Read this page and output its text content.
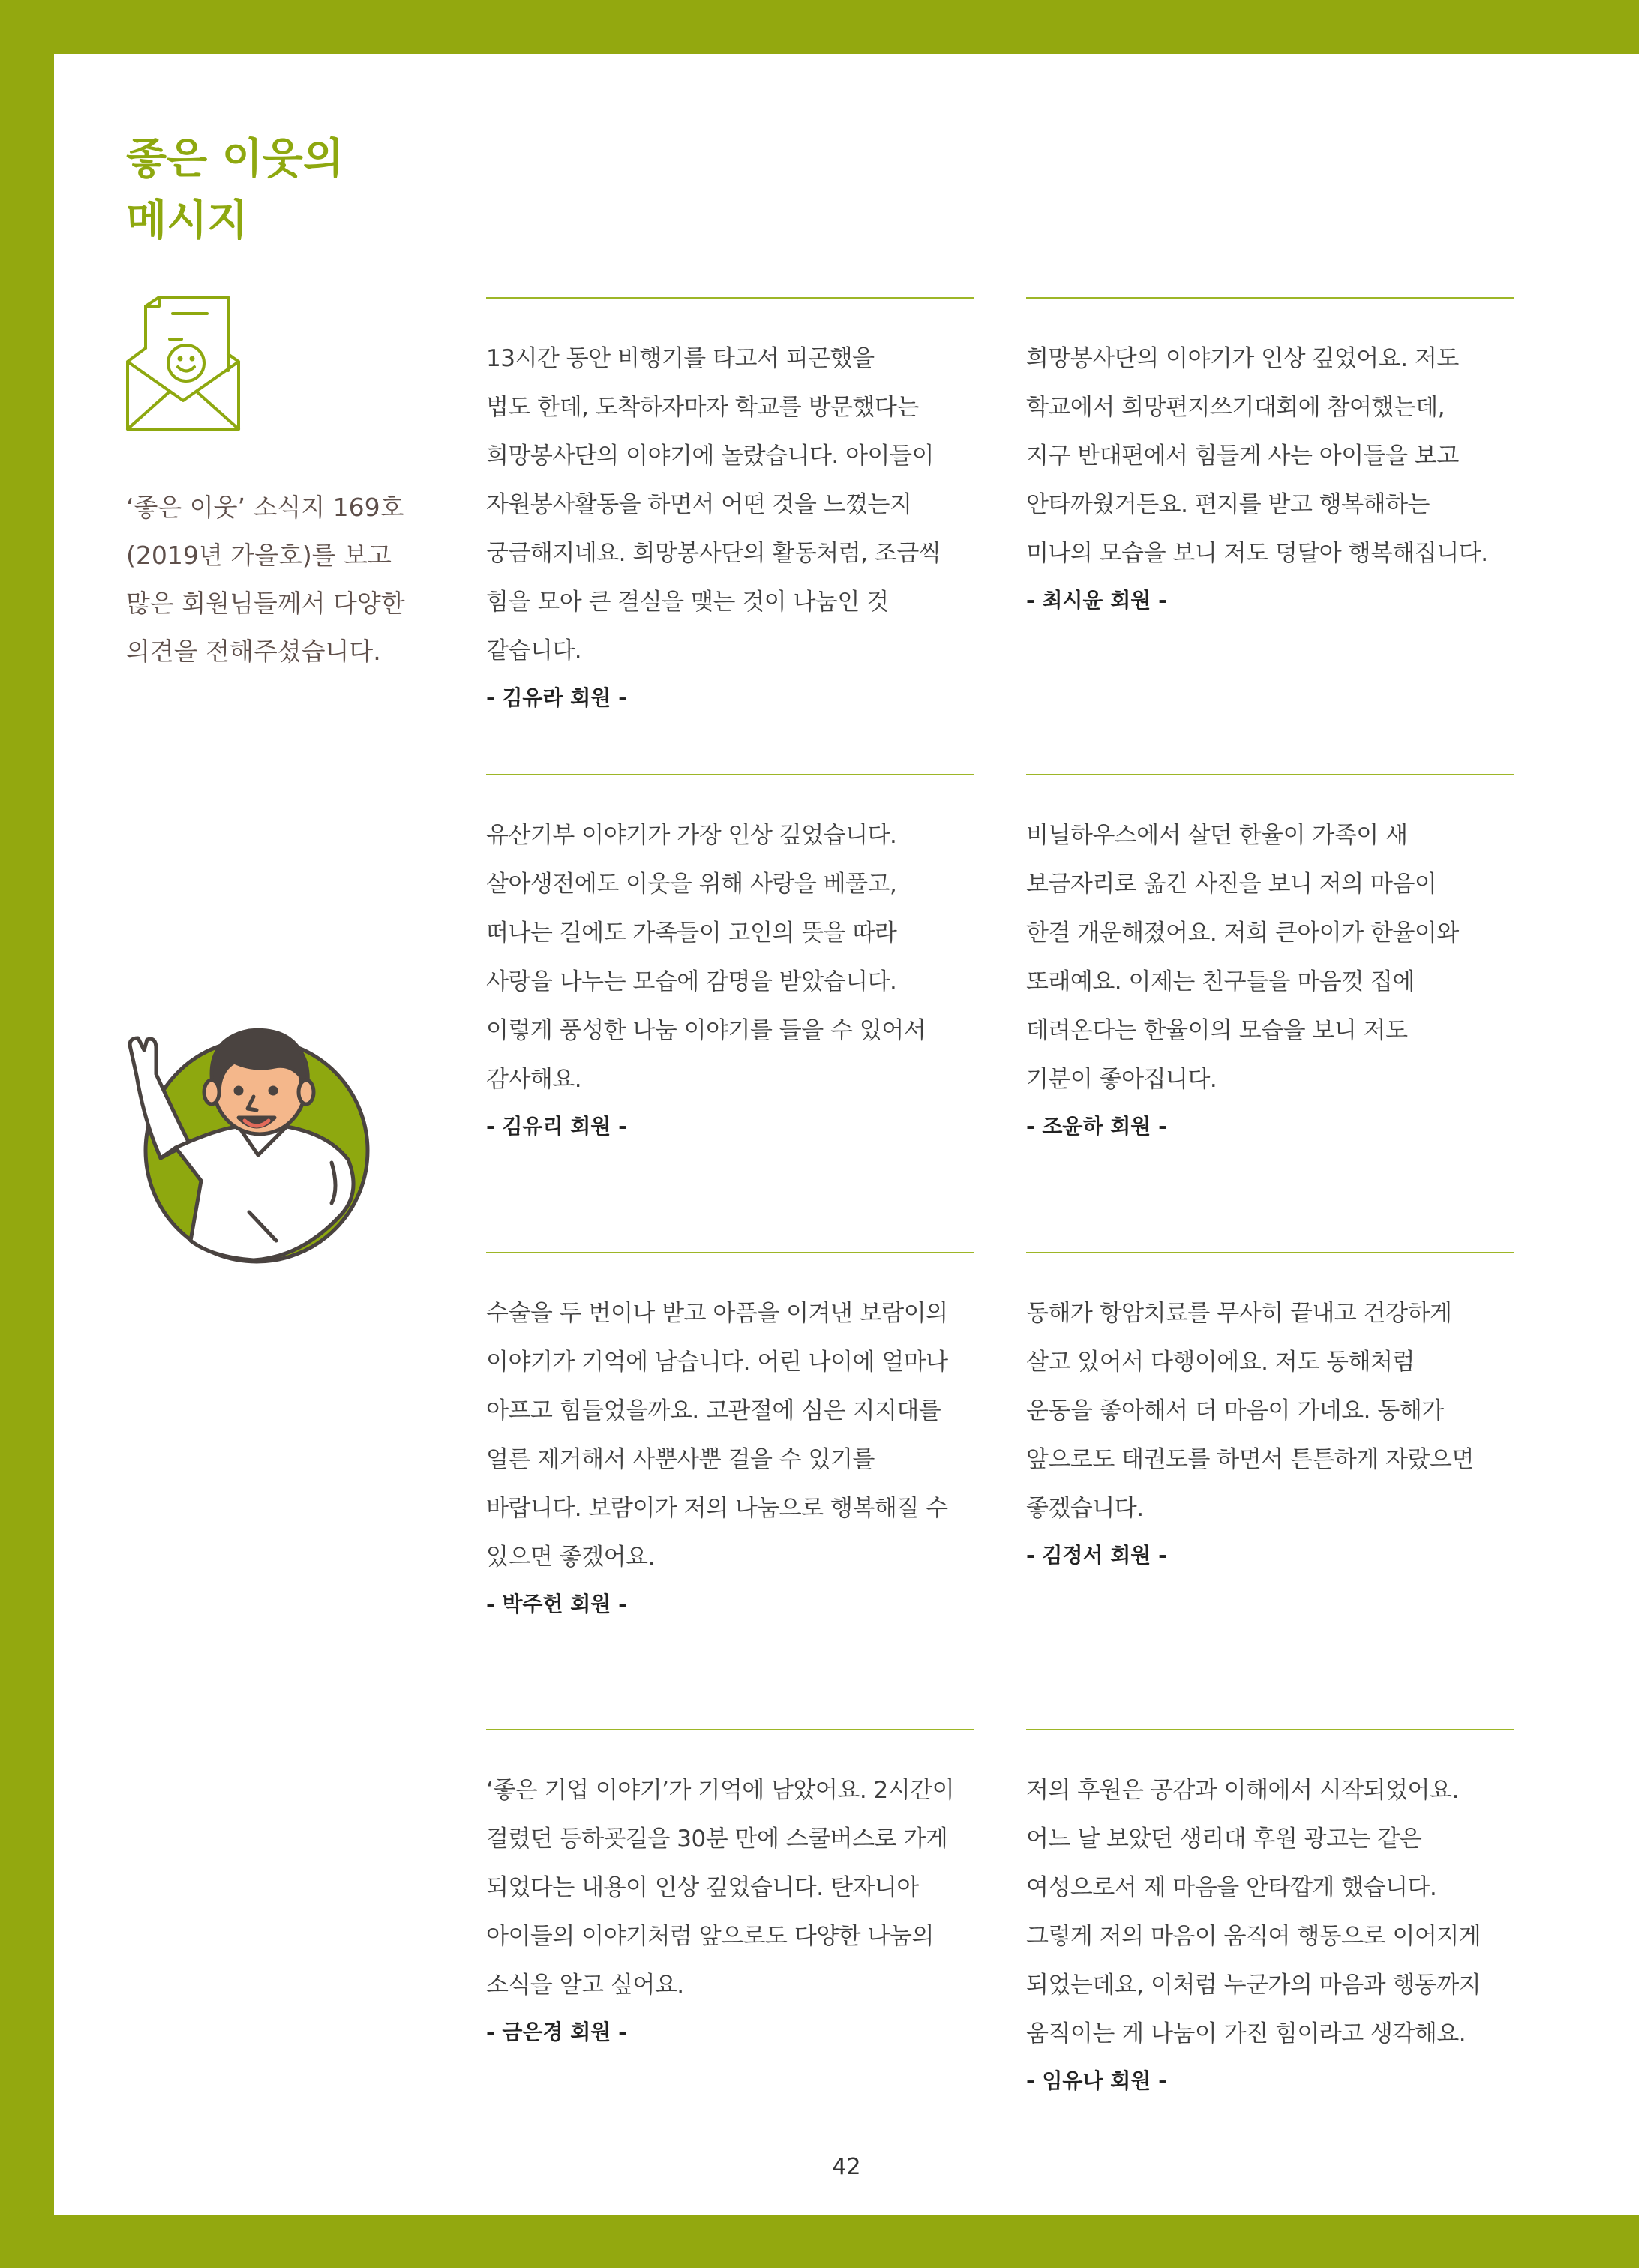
좋은 이웃의
메시지

‘좋은 이웃’ 소식지 169호
(2019년 가을호)를 보고
많은 회원님들께서 다양한
의견을 전해주셨습니다.

13시간 동안 비행기를 타고서 피곤했을
법도 한데, 도착하자마자 학교를 방문했다는
희망봉사단의 이야기에 놀랐습니다. 아이들이
자원봉사활동을 하면서 어떤 것을 느꼈는지
궁금해지네요. 희망봉사단의 활동처럼, 조금씩
힘을 모아 큰 결실을 맺는 것이 나눔인 것
같습니다.
- 김유라 회원 -
희망봉사단의 이야기가 인상 깊었어요. 저도
학교에서 희망편지쓰기대회에 참여했는데,
지구 반대편에서 힘들게 사는 아이들을 보고
안타까웠거든요. 편지를 받고 행복해하는
미나의 모습을 보니 저도 덩달아 행복해집니다.
- 최시윤 회원 -
유산기부 이야기가 가장 인상 깊었습니다.
살아생전에도 이웃을 위해 사랑을 베풀고,
떠나는 길에도 가족들이 고인의 뜻을 따라
사랑을 나누는 모습에 감명을 받았습니다.
이렇게 풍성한 나눔 이야기를 들을 수 있어서
감사해요.
- 김유리 회원 -
비닐하우스에서 살던 한율이 가족이 새
보금자리로 옮긴 사진을 보니 저의 마음이
한결 개운해졌어요. 저희 큰아이가 한율이와
또래예요. 이제는 친구들을 마음껏 집에
데려온다는 한율이의 모습을 보니 저도
기분이 좋아집니다.
- 조윤하 회원 -
수술을 두 번이나 받고 아픔을 이겨낸 보람이의
이야기가 기억에 남습니다. 어린 나이에 얼마나
아프고 힘들었을까요. 고관절에 심은 지지대를
얼른 제거해서 사뿐사뿐 걸을 수 있기를
바랍니다. 보람이가 저의 나눔으로 행복해질 수
있으면 좋겠어요.
- 박주헌 회원 -
동해가 항암치료를 무사히 끝내고 건강하게
살고 있어서 다행이에요. 저도 동해처럼
운동을 좋아해서 더 마음이 가네요. 동해가
앞으로도 태권도를 하면서 튼튼하게 자랐으면
좋겠습니다.
- 김정서 회원 -
‘좋은 기업 이야기’가 기억에 남았어요. 2시간이
걸렸던 등하굣길을 30분 만에 스쿨버스로 가게
되었다는 내용이 인상 깊었습니다. 탄자니아
아이들의 이야기처럼 앞으로도 다양한 나눔의
소식을 알고 싶어요.
- 금은경 회원 -
저의 후원은 공감과 이해에서 시작되었어요.
어느 날 보았던 생리대 후원 광고는 같은
여성으로서 제 마음을 안타깝게 했습니다.
그렇게 저의 마음이 움직여 행동으로 이어지게
되었는데요, 이처럼 누군가의 마음과 행동까지
움직이는 게 나눔이 가진 힘이라고 생각해요.
- 임유나 회원 -
42
